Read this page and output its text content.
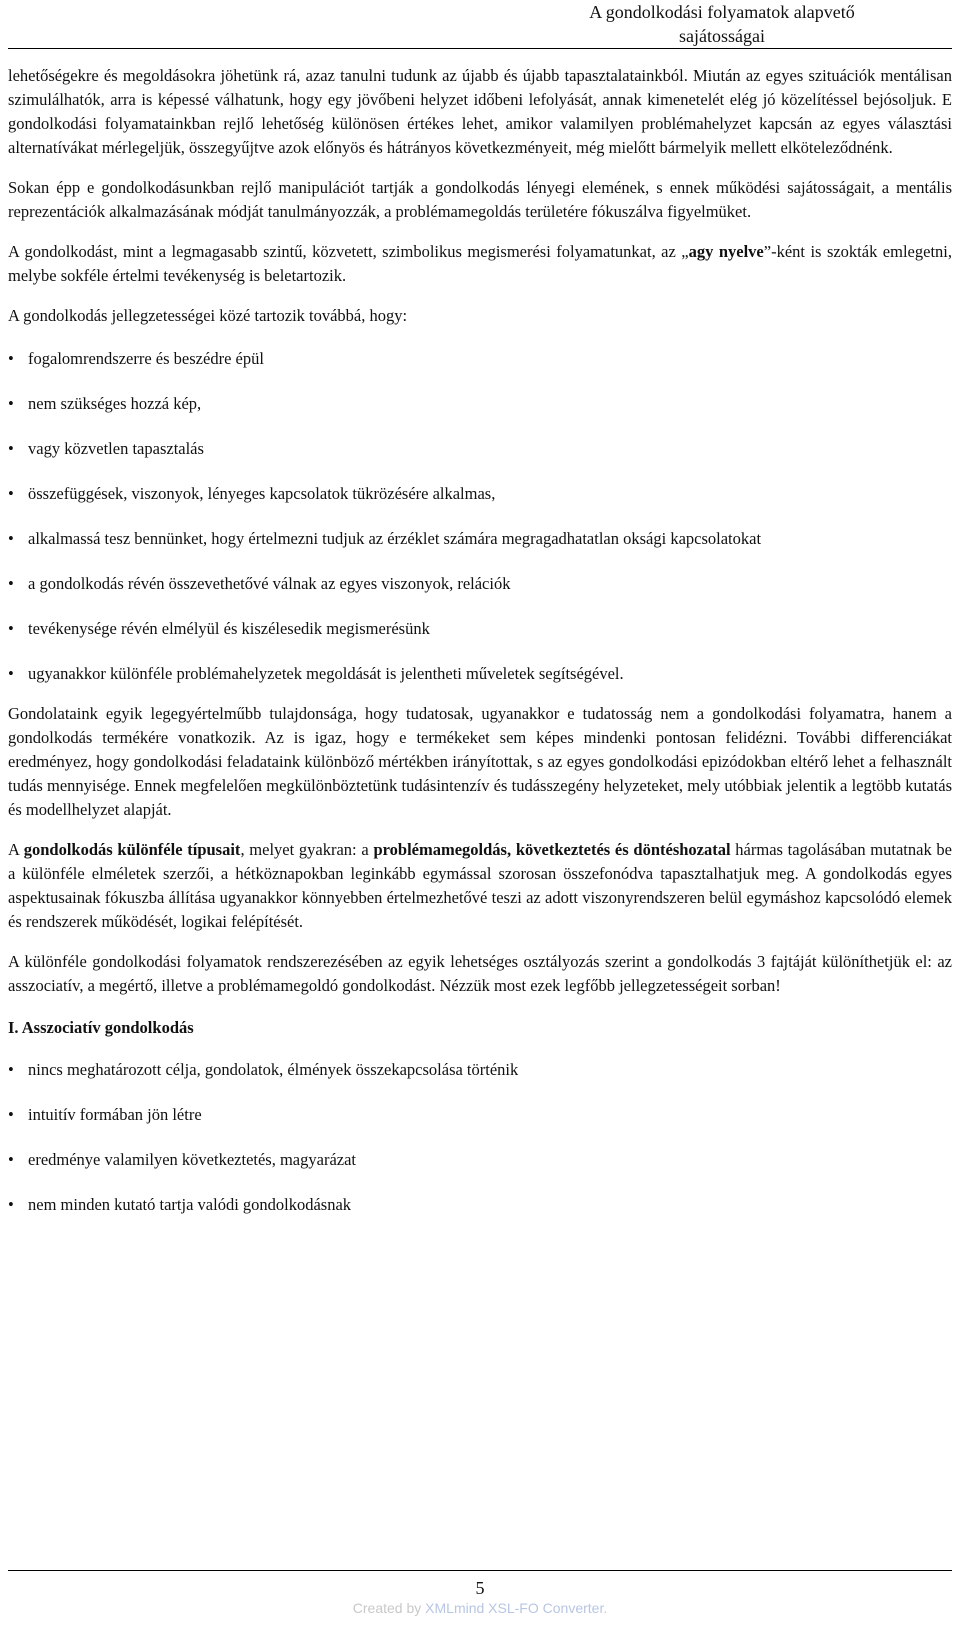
A gondolkodási folyamatok alapvető
sajátosságai

lehetőségekre és megoldásokra jöhetünk rá, azaz tanulni tudunk az újabb és újabb tapasztalatainkból. Miután az egyes szituációk mentálisan szimulálhatók, arra is képessé válhatunk, hogy egy jövőbeni helyzet időbeni lefolyását, annak kimenetelét elég jó közelítéssel bejósoljuk. E gondolkodási folyamatainkban rejlő lehetőség különösen értékes lehet, amikor valamilyen problémahelyzet kapcsán az egyes választási alternatívákat mérlegeljük, összegyűjtve azok előnyös és hátrányos következményeit, még mielőtt bármelyik mellett elköteleződnénk.

Sokan épp e gondolkodásunkban rejlő manipulációt tartják a gondolkodás lényegi elemének, s ennek működési sajátosságait, a mentális reprezentációk alkalmazásának módját tanulmányozzák, a problémamegoldás területére fókuszálva figyelmüket.

A gondolkodást, mint a legmagasabb szintű, közvetett, szimbolikus megismerési folyamatunkat, az „agy nyelve”-ként is szokták emlegetni, melybe sokféle értelmi tevékenység is beletartozik.

A gondolkodás jellegzetességei közé tartozik továbbá, hogy:

• fogalomrendszerre és beszédre épül
• nem szükséges hozzá kép,
• vagy közvetlen tapasztalás
• összefüggések, viszonyok, lényeges kapcsolatok tükrözésére alkalmas,
• alkalmassá tesz bennünket, hogy értelmezni tudjuk az érzéklet számára megragadhatatlan oksági kapcsolatokat
• a gondolkodás révén összevethetővé válnak az egyes viszonyok, relációk
• tevékenysége révén elmélyül és kiszélesedik megismerésünk
• ugyanakkor különféle problémahelyzetek megoldását is jelentheti műveletek segítségével.

Gondolataink egyik legegyértelműbb tulajdonsága, hogy tudatosak, ugyanakkor e tudatosság nem a gondolkodási folyamatra, hanem a gondolkodás termékére vonatkozik. Az is igaz, hogy e termékeket sem képes mindenki pontosan felidézni. További differenciákat eredményez, hogy gondolkodási feladataink különböző mértékben irányítottak, s az egyes gondolkodási epizódokban eltérő lehet a felhasznált tudás mennyisége. Ennek megfelelően megkülönböztetünk tudásintenzív és tudásszegény helyzeteket, mely utóbbiak jelentik a legtöbb kutatás és modellhelyzet alapját.

A gondolkodás különféle típusait, melyet gyakran: a problémamegoldás, következtetés és döntéshozatal hármas tagolásában mutatnak be a különféle elméletek szerzői, a hétköznapokban leginkább egymással szorosan összefonódva tapasztalhatjuk meg. A gondolkodás egyes aspektusainak fókuszba állítása ugyanakkor könnyebben értelmezhetővé teszi az adott viszonyrendszeren belül egymáshoz kapcsolódó elemek és rendszerek működését, logikai felépítését.

A különféle gondolkodási folyamatok rendszerezésében az egyik lehetséges osztályozás szerint a gondolkodás 3 fajtáját különíthetjük el: az asszociatív, a megértő, illetve a problémamegoldó gondolkodást. Nézzük most ezek legfőbb jellegzetességeit sorban!

I. Asszociatív gondolkodás
• nincs meghatározott célja, gondolatok, élmények összekapcsolása történik
• intuitív formában jön létre
• eredménye valamilyen következtetés, magyarázat
• nem minden kutató tartja valódi gondolkodásnak
5
Created by XMLmind XSL-FO Converter.
